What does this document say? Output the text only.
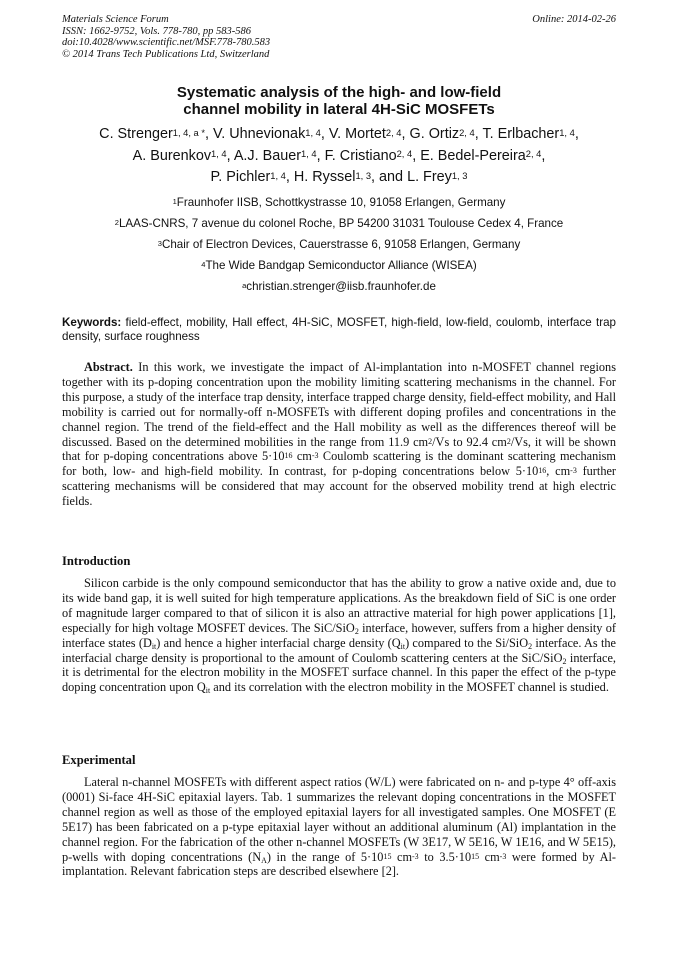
Materials Science Forum
ISSN: 1662-9752, Vols. 778-780, pp 583-586
doi:10.4028/www.scientific.net/MSF.778-780.583
© 2014 Trans Tech Publications Ltd, Switzerland
Online: 2014-02-26
Systematic analysis of the high- and low-field
channel mobility in lateral 4H-SiC MOSFETs
C. Strenger$^{1, 4, a *}$, V. Uhnevionak$^{1, 4}$, V. Mortet$^{2, 4}$, G. Ortiz$^{2, 4}$, T. Erlbacher$^{1, 4}$,
A. Burenkov$^{1, 4}$, A.J. Bauer$^{1, 4}$, F. Cristiano$^{2, 4}$, E. Bedel-Pereira$^{2, 4}$,
P. Pichler$^{1, 4}$, H. Ryssel$^{1, 3}$, and L. Frey$^{1, 3}$
$^1$Fraunhofer IISB, Schottkystrasse 10, 91058 Erlangen, Germany
$^2$LAAS-CNRS, 7 avenue du colonel Roche, BP 54200 31031 Toulouse Cedex 4, France
$^3$Chair of Electron Devices, Cauerstrasse 6, 91058 Erlangen, Germany
$^4$The Wide Bandgap Semiconductor Alliance (WISEA)
$^a$christian.strenger@iisb.fraunhofer.de
Keywords: field-effect, mobility, Hall effect, 4H-SiC, MOSFET, high-field, low-field, coulomb, interface trap density, surface roughness

Abstract. In this work, we investigate the impact of Al-implantation into n-MOSFET channel regions together with its p-doping concentration upon the mobility limiting scattering mechanisms in the channel. For this purpose, a study of the interface trap density, interface trapped charge density, field-effect mobility, and Hall mobility is carried out for normally-off n-MOSFETs with different doping profiles and concentrations in the channel region. The trend of the field-effect and the Hall mobility as well as the differences thereof will be discussed. Based on the determined mobilities in the range from 11.9 $cm^2/Vs$ to 92.4 $cm^2/Vs$, it will be shown that for p-doping concentrations above $5\cdot 10^{16}$ $cm^{-3}$ Coulomb scattering is the dominant scattering mechanism for both, low- and high-field mobility. In contrast, for p-doping concentrations below $5\cdot 10^{16}$, $cm^{-3}$ further scattering mechanisms will be considered that may account for the observed mobility trend at high electric fields.

Introduction

Silicon carbide is the only compound semiconductor that has the ability to grow a native oxide and, due to its wide band gap, it is well suited for high temperature applications. As the breakdown field of SiC is one order of magnitude larger compared to that of silicon it is also an attractive material for high power applications [1], especially for high voltage MOSFET devices. The SiC/SiO$_2$ interface, however, suffers from a higher density of interface states $(D_{it})$ and hence a higher interfacial charge density $(Q_{it})$ compared to the Si/SiO$_2$ interface. As the interfacial charge density is proportional to the amount of Coulomb scattering centers at the SiC/SiO$_2$ interface, it is detrimental for the electron mobility in the MOSFET surface channel. In this paper the effect of the p-type doping concentration upon $Q_{it}$ and its correlation with the electron mobility in the MOSFET channel is studied.

Experimental

Lateral n-channel MOSFETs with different aspect ratios (W/L) were fabricated on n- and p-type 4° off-axis (0001) Si-face 4H-SiC epitaxial layers. Tab. 1 summarizes the relevant doping concentrations in the MOSFET channel region as well as those of the employed epitaxial layers for all investigated samples. One MOSFET (E 5E17) has been fabricated on a p-type epitaxial layer without an additional aluminum (Al) implantation in the channel region. For the fabrication of the other n-channel MOSFETs (W 3E17, W 5E16, W 1E16, and W 5E15), p-wells with doping concentrations $(N_A)$ in the range of $5\cdot 10^{15}$ $cm^{-3}$ to $3.5\cdot 10^{15}$ $cm^{-3}$ were formed by Al-implantation. Relevant fabrication steps are described elsewhere [2].
